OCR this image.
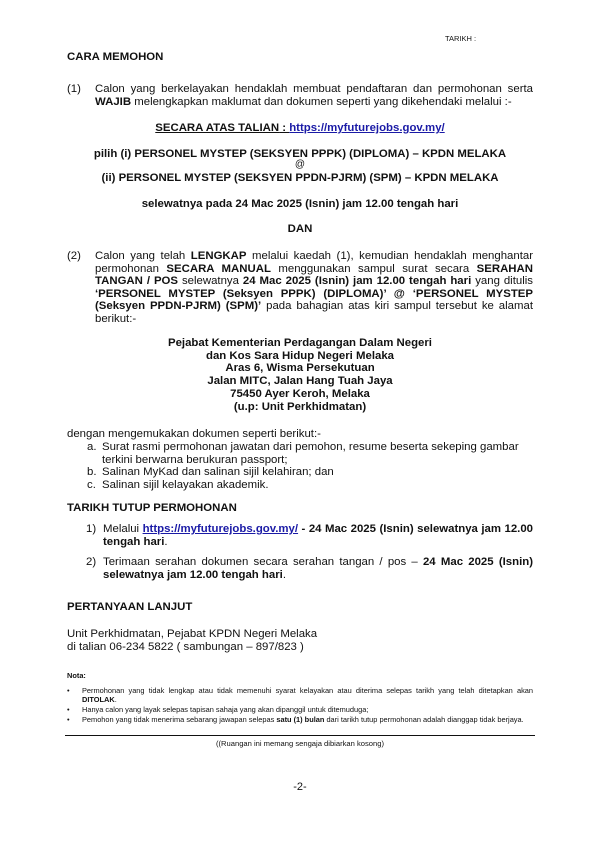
TARIKH :
CARA MEMOHON
(1) Calon yang berkelayakan hendaklah membuat pendaftaran dan permohonan serta WAJIB melengkapkan maklumat dan dokumen seperti yang dikehendaki melalui :-
SECARA ATAS TALIAN : https://myfuturejobs.gov.my/
pilih (i) PERSONEL MYSTEP (SEKSYEN PPPK) (DIPLOMA) – KPDN MELAKA
@
(ii) PERSONEL MYSTEP (SEKSYEN PPDN-PJRM) (SPM) – KPDN MELAKA
selewatnya pada 24 Mac 2025 (Isnin) jam 12.00 tengah hari
DAN
(2) Calon yang telah LENGKAP melalui kaedah (1), kemudian hendaklah menghantar permohonan SECARA MANUAL menggunakan sampul surat secara SERAHAN TANGAN / POS selewatnya 24 Mac 2025 (Isnin) jam 12.00 tengah hari yang ditulis ‘PERSONEL MYSTEP (Seksyen PPPK) (DIPLOMA)’ @ ‘PERSONEL MYSTEP (Seksyen PPDN-PJRM) (SPM)’ pada bahagian atas kiri sampul tersebut ke alamat berikut:-
Pejabat Kementerian Perdagangan Dalam Negeri
dan Kos Sara Hidup Negeri Melaka
Aras 6, Wisma Persekutuan
Jalan MITC, Jalan Hang Tuah Jaya
75450 Ayer Keroh, Melaka
(u.p: Unit Perkhidmatan)
dengan mengemukakan dokumen seperti berikut:-
a. Surat rasmi permohonan jawatan dari pemohon, resume beserta sekeping gambar terkini berwarna berukuran passport;
b. Salinan MyKad dan salinan sijil kelahiran; dan
c. Salinan sijil kelayakan akademik.
TARIKH TUTUP PERMOHONAN
1) Melalui https://myfuturejobs.gov.my/ - 24 Mac 2025 (Isnin) selewatnya jam 12.00 tengah hari.
2) Terimaan serahan dokumen secara serahan tangan / pos – 24 Mac 2025 (Isnin) selewatnya jam 12.00 tengah hari.
PERTANYAAN LANJUT
Unit Perkhidmatan, Pejabat KPDN Negeri Melaka
di talian 06-234 5822 ( sambungan – 897/823 )
Nota:
• Permohonan yang tidak lengkap atau tidak memenuhi syarat kelayakan atau diterima selepas tarikh yang telah ditetapkan akan DITOLAK.
• Hanya calon yang layak selepas tapisan sahaja yang akan dipanggil untuk ditemuduga;
• Pemohon yang tidak menerima sebarang jawapan selepas satu (1) bulan dari tarikh tutup permohonan adalah dianggap tidak berjaya.
((Ruangan ini memang sengaja dibiarkan kosong)
-2-
